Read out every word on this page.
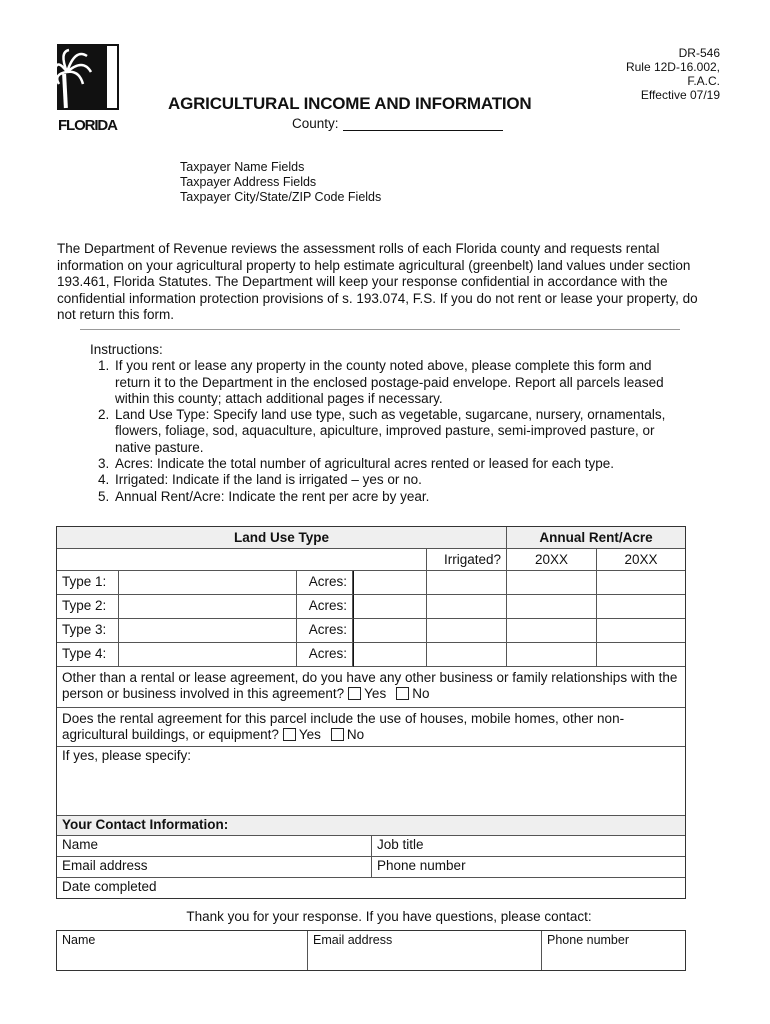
FLORIDA
DR-546
Rule 12D-16.002,
F.A.C.
Effective 07/19
AGRICULTURAL INCOME AND INFORMATION
County:
Taxpayer Name Fields
Taxpayer Address Fields
Taxpayer City/State/ZIP Code Fields
The Department of Revenue reviews the assessment rolls of each Florida county and requests rental information on your agricultural property to help estimate agricultural (greenbelt) land values under section 193.461, Florida Statutes. The Department will keep your response confidential in accordance with the confidential information protection provisions of s. 193.074, F.S. If you do not rent or lease your property, do not return this form.
Instructions:
1. If you rent or lease any property in the county noted above, please complete this form and return it to the Department in the enclosed postage-paid envelope. Report all parcels leased within this county; attach additional pages if necessary.
2. Land Use Type: Specify land use type, such as vegetable, sugarcane, nursery, ornamentals, flowers, foliage, sod, aquaculture, apiculture, improved pasture, semi-improved pasture, or native pasture.
3. Acres: Indicate the total number of agricultural acres rented or leased for each type.
4. Irrigated: Indicate if the land is irrigated – yes or no.
5. Annual Rent/Acre: Indicate the rent per acre by year.
Land Use Type	Annual Rent/Acre
Irrigated?	20XX	20XX
Type 1:	Acres:
Type 2:	Acres:
Type 3:	Acres:
Type 4:	Acres:
Other than a rental or lease agreement, do you have any other business or family relationships with the person or business involved in this agreement? Yes No
Does the rental agreement for this parcel include the use of houses, mobile homes, other non-agricultural buildings, or equipment? Yes No
If yes, please specify:
Your Contact Information:
Name	Job title
Email address	Phone number
Date completed
Thank you for your response. If you have questions, please contact:
Name	Email address	Phone number
